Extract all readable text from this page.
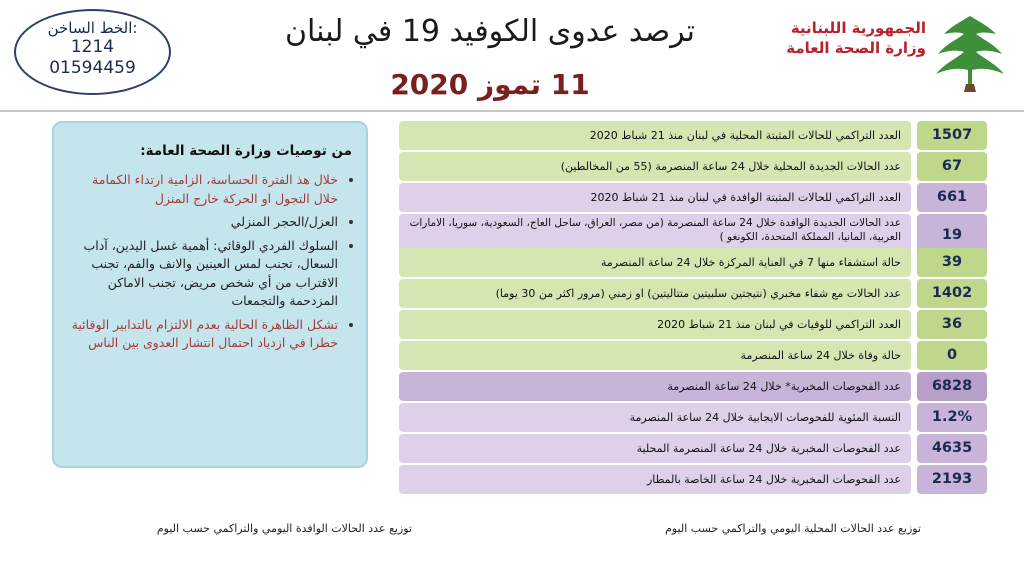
الخط الساخن:
1214
01594459
ترصد عدوى الكوفيد 19 في لبنان
11 تموز 2020
الجمهورية اللبنانية
وزارة الصحة العامة
من توصيات وزارة الصحة العامة:
• خلال هذ الفترة الحساسة، الزامية ارتداء الكمامة خلال التجول او الحركة خارج المنزل
• العزل/الحجر المنزلي
• السلوك الفردي الوقائي: أهمية غسل اليدين، آداب السعال، تجنب لمس العينين والانف والفم، تجنب الاقتراب من أي شخص مريض، تجنب الاماكن المزدحمة والتجمعات
• تشكل الظاهرة الحالية بعدم الالتزام بالتدابير الوقائية خطرا في ازدياد احتمال انتشار العدوى بين الناس
1507
العدد التراكمي للحالات المثبتة المحلية في لبنان منذ 21 شباط 2020
67
عدد الحالات الجديدة المحلية خلال 24 ساعة المنصرمة (55 من المخالطين)
661
العدد التراكمي للحالات المثبتة الوافدة في لبنان منذ 21 شباط 2020
19
عدد الحالات الجديدة الوافدة خلال 24 ساعة المنصرمة (من مصر، العراق، ساحل العاج، السعودية، سوريا، الامارات العربية، المانيا، المملكة المتحدة، الكونغو )
39
حالة استشفاء منها 7 في العناية المركزة خلال 24 ساعة المنصرمة
1402
عدد الحالات مع شفاء مخبري (نتيجتين سلبيتين متتاليتين) او زمني (مرور اكثر من 30 يوما)
36
العدد التراكمي للوفيات في لبنان منذ 21 شباط 2020
0
حالة وفاة خلال 24 ساعة المنصرمة
6828
عدد الفحوصات المخبرية* خلال 24 ساعة المنصرمة
1.2%
النسبة المئوية للفحوصات الايجابية خلال 24 ساعة المنصرمة
4635
عدد الفحوصات المخبرية خلال 24 ساعة المنصرمة المحلية
2193
عدد الفحوصات المخبرية خلال 24 ساعة الخاصة بالمطار
توزيع عدد الحالات المحلية اليومي والتراكمي حسب اليوم
توزيع عدد الحالات الوافدة اليومي والتراكمي حسب اليوم
